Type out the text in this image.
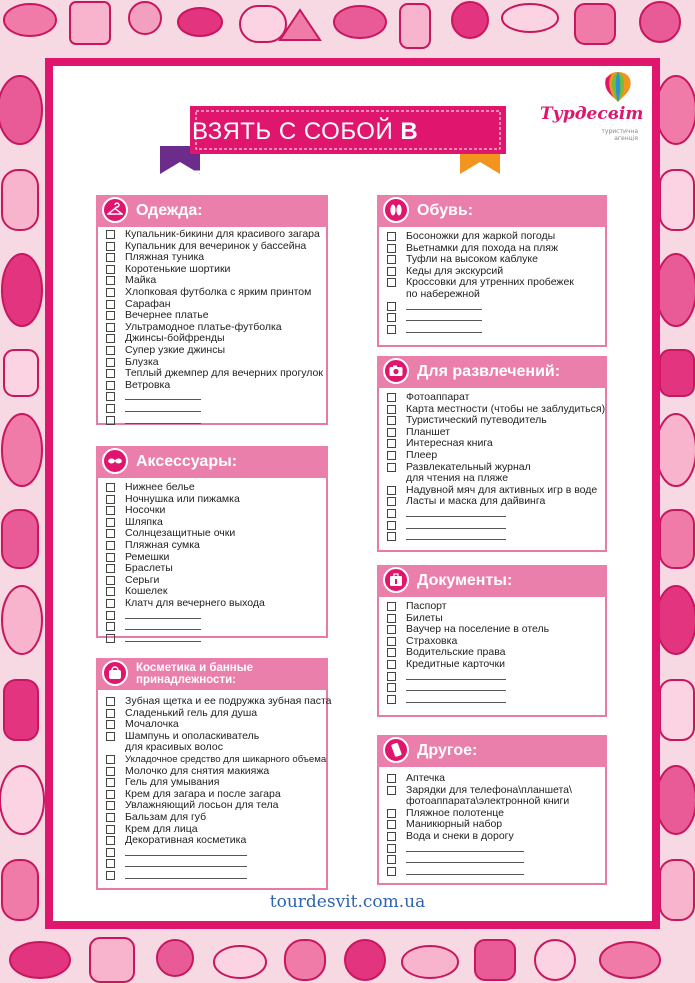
Турдесвіт
туристична агенція
ВЗЯТЬ С СОБОЙ В ПОЕЗДКУ
Одежда:
Купальник-бикини для красивого загара
Купальник для вечеринок у бассейна
Пляжная туника
Коротенькие шортики
Майка
Хлопковая футболка с ярким принтом
Сарафан
Вечернее платье
Ультрамодное платье-футболка
Джинсы-бойфренды
Супер узкие джинсы
Блузка
Теплый джемпер для вечерних прогулок
Ветровка
Аксессуары:
Нижнее белье
Ночнушка или пижамка
Носочки
Шляпка
Солнцезащитные очки
Пляжная сумка
Ремешки
Браслеты
Серьги
Кошелек
Клатч для вечернего выхода
Косметика и банные принадлежности:
Зубная щетка и ее подружка зубная паста
Сладенький гель для душа
Мочалочка
Шампунь и ополаскиватель
для красивых волос
Укладочное средство для шикарного объема
Молочко для снятия макияжа
Гель для умывания
Крем для загара и после загара
Увлажняющий лосьон для тела
Бальзам для губ
Крем для лица
Декоративная косметика
Обувь:
Босоножки для жаркой погоды
Вьетнамки для похода на пляж
Туфли на высоком каблуке
Кеды для экскурсий
Кроссовки для утренних пробежек
по набережной
Для развлечений:
Фотоаппарат
Карта местности (чтобы не заблудиться)
Туристический путеводитель
Планшет
Интересная книга
Плеер
Развлекательный журнал
для чтения на пляже
Надувной мяч для активных игр в воде
Ласты и маска для дайвинга
Документы:
Паспорт
Билеты
Ваучер на поселение в отель
Страховка
Водительские права
Кредитные карточки
Другое:
Аптечка
Зарядки для телефона\планшета\
фотоаппарата\электронной книги
Пляжное полотенце
Маникюрный набор
Вода и снеки в дорогу
tourdesvit.com.ua
